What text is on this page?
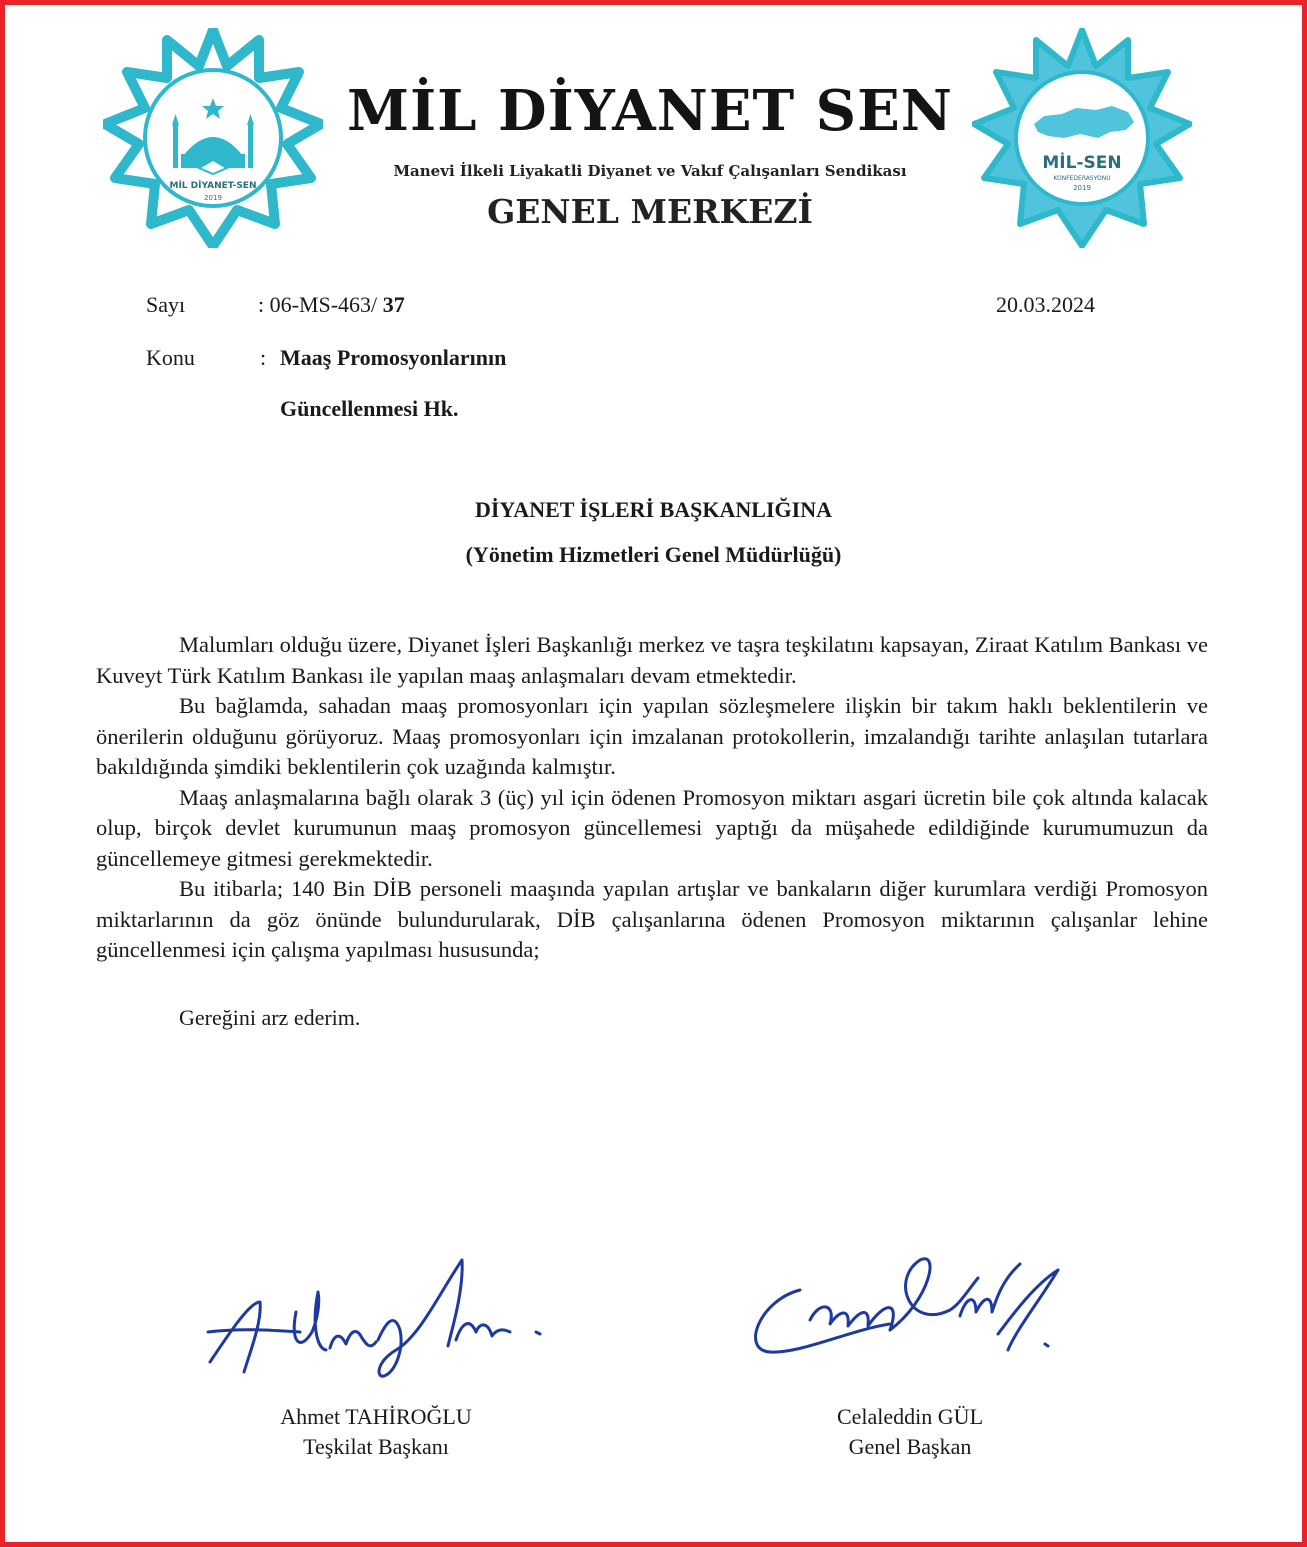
MİL DİYANET-SEN
2019
MİL DİYANET SEN
Manevi İlkeli Liyakatli Diyanet ve Vakıf Çalışanları Sendikası
GENEL MERKEZİ
MİL-SEN
KONFEDERASYONU
2019
Sayı	: 06-MS-463/ 37	20.03.2024
Konu	: Maaş Promosyonlarının
Güncellenmesi Hk.
DİYANET İŞLERİ BAŞKANLIĞINA
(Yönetim Hizmetleri Genel Müdürlüğü)

Malumları olduğu üzere, Diyanet İşleri Başkanlığı merkez ve taşra teşkilatını kapsayan, Ziraat Katılım Bankası ve Kuveyt Türk Katılım Bankası ile yapılan maaş anlaşmaları devam etmektedir.

Bu bağlamda, sahadan maaş promosyonları için yapılan sözleşmelere ilişkin bir takım haklı beklentilerin ve önerilerin olduğunu görüyoruz. Maaş promosyonları için imzalanan protokollerin, imzalandığı tarihte anlaşılan tutarlara bakıldığında şimdiki beklentilerin çok uzağında kalmıştır.

Maaş anlaşmalarına bağlı olarak 3 (üç) yıl için ödenen Promosyon miktarı asgari ücretin bile çok altında kalacak olup, birçok devlet kurumunun maaş promosyon güncellemesi yaptığı da müşahede edildiğinde kurumumuzun da güncellemeye gitmesi gerekmektedir.

Bu itibarla; 140 Bin DİB personeli maaşında yapılan artışlar ve bankaların diğer kurumlara verdiği Promosyon miktarlarının da göz önünde bulundurularak, DİB çalışanlarına ödenen Promosyon miktarının çalışanlar lehine güncellenmesi için çalışma yapılması hususunda;

Gereğini arz ederim.
Ahmet TAHİROĞLU
Teşkilat Başkanı
Celaleddin GÜL
Genel Başkan
